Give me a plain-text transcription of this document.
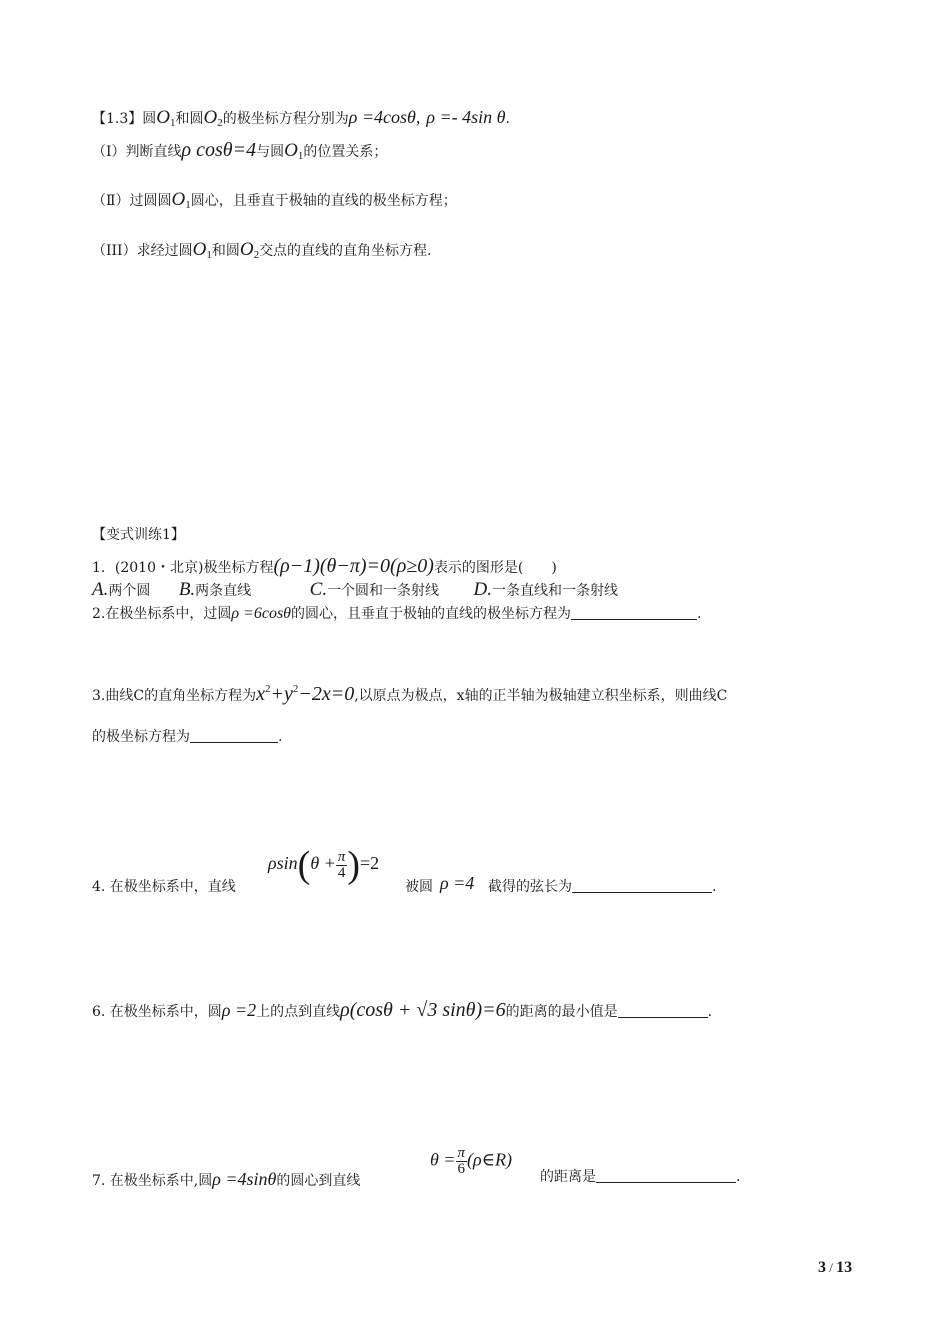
【1.3】圆$O_1$和圆$O_2$的极坐标方程分别为ρ =4cosθ, ρ =- 4sin θ.
（Ⅰ）判断直线ρ cosθ=4与圆$O_1$的位置关系；
（Ⅱ）过圆圆$O_1$圆心，且垂直于极轴的直线的极坐标方程；
（III）求经过圆$O_1$和圆$O_2$交点的直线的直角坐标方程.
【变式训练1】
1．(2010・北京)极坐标方程(ρ−1)(θ−π)=0(ρ≥0)表示的图形是(　　)
A.两个圆 B.两条直线	C.一个圆和一条射线 D.一条直线和一条射线
2.在极坐标系中，过圆ρ =6cosθ的圆心，且垂直于极轴的直线的极坐标方程为	.
3.曲线C的直角坐标方程为$x^2+y^2-2x=0$,以原点为极点，x轴的正半轴为极轴建立积坐标系，则曲线C
的极坐标方程为	.
4. 在极坐标系中，直线
$\rho\sin(\theta + \frac{\pi}{4} )=2$
被圆 ρ =4 截得的弦长为	.
6. 在极坐标系中，圆ρ =2上的点到直线ρ(cosθ + √3 sinθ)=6的距离的最小值是	.
7. 在极坐标系中,圆ρ =4sinθ的圆心到直线
$\theta = \frac{\pi}{6}$ (ρ∈R)
的距离是	.
3 / 13
